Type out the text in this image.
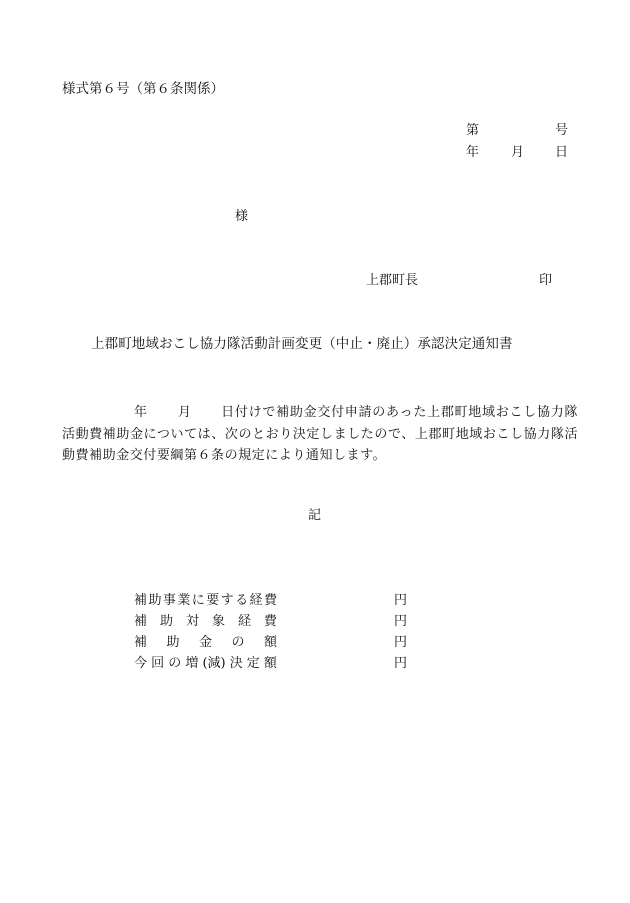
様式第６号（第６条関係）
第	号
年 月 日
様
上郡町長	印
上郡町地域おこし協力隊活動計画変更（中止・廃止）承認決定通知書
年 月 日付けで補助金交付申請のあった上郡町地域おこし協力隊活動費補助金については、次のとおり決定しましたので、上郡町地域おこし協力隊活動費補助金交付要綱第６条の規定により通知します。
記
補 助 事 業 に 要 す る 経 費	円
補 助 対 象 経 費	円
補 助 金 の 額	円
今 回 の 増 (減) 決 定 額	円
